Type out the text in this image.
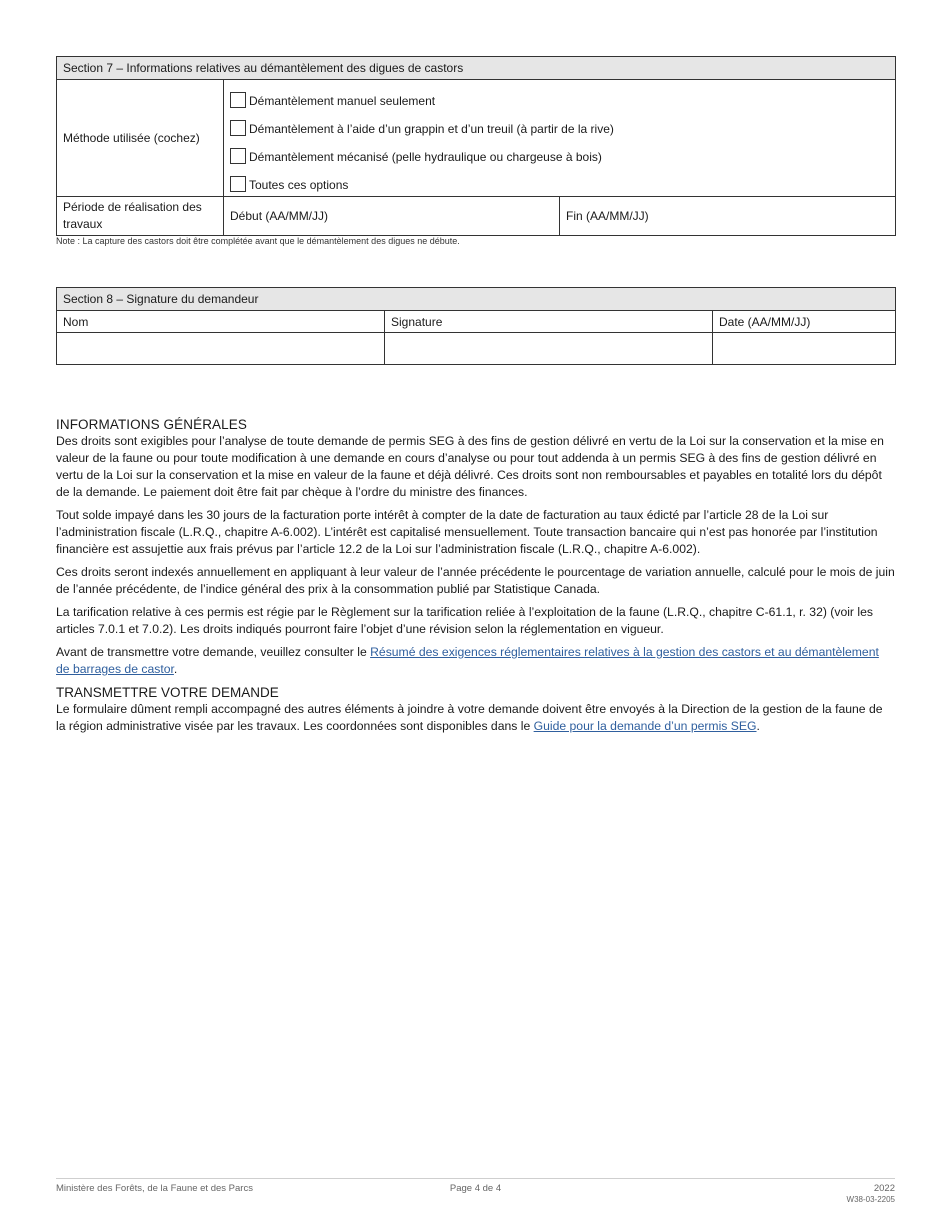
Section 7 – Informations relatives au démantèlement des digues de castors		
Méthode utilisée (cochez)	Démantèlement manuel seulement
Démantèlement à l’aide d’un grappin et d’un treuil (à partir de la rive)
Démantèlement mécanisé (pelle hydraulique ou chargeuse à bois)
Toutes ces options	

Période de réalisation des travaux	Début (AA/MM/JJ)	Fin (AA/MM/JJ)
Note : La capture des castors doit être complétée avant que le démantèlement des digues ne débute.
Section 8 – Signature du demandeur		
Nom	Signature	Date (AA/MM/JJ)

INFORMATIONS GÉNÉRALES

Des droits sont exigibles pour l’analyse de toute demande de permis SEG à des fins de gestion délivré en vertu de la Loi sur la conservation et la mise en valeur de la faune ou pour toute modification à une demande en cours d’analyse ou pour tout addenda à un permis SEG à des fins de gestion délivré en vertu de la Loi sur la conservation et la mise en valeur de la faune et déjà délivré. Ces droits sont non remboursables et payables en totalité lors du dépôt de la demande. Le paiement doit être fait par chèque à l’ordre du ministre des finances.

Tout solde impayé dans les 30 jours de la facturation porte intérêt à compter de la date de facturation au taux édicté par l’article 28 de la Loi sur l’administration fiscale (L.R.Q., chapitre A-6.002). L’intérêt est capitalisé mensuellement. Toute transaction bancaire qui n’est pas honorée par l’institution financière est assujettie aux frais prévus par l’article 12.2 de la Loi sur l’administration fiscale (L.R.Q., chapitre A-6.002).

Ces droits seront indexés annuellement en appliquant à leur valeur de l’année précédente le pourcentage de variation annuelle, calculé pour le mois de juin de l’année précédente, de l’indice général des prix à la consommation publié par Statistique Canada.

La tarification relative à ces permis est régie par le Règlement sur la tarification reliée à l’exploitation de la faune (L.R.Q., chapitre C-61.1, r. 32) (voir les articles 7.0.1 et 7.0.2). Les droits indiqués pourront faire l’objet d’une révision selon la réglementation en vigueur.

Avant de transmettre votre demande, veuillez consulter le Résumé des exigences réglementaires relatives à la gestion des castors et au démantèlement de barrages de castor.

TRANSMETTRE VOTRE DEMANDE

Le formulaire dûment rempli accompagné des autres éléments à joindre à votre demande doivent être envoyés à la Direction de la gestion de la faune de la région administrative visée par les travaux. Les coordonnées sont disponibles dans le Guide pour la demande d’un permis SEG.

Ministère des Forêts, de la Faune et des Parcs	Page 4 de 4	2022
W38-03-2205
